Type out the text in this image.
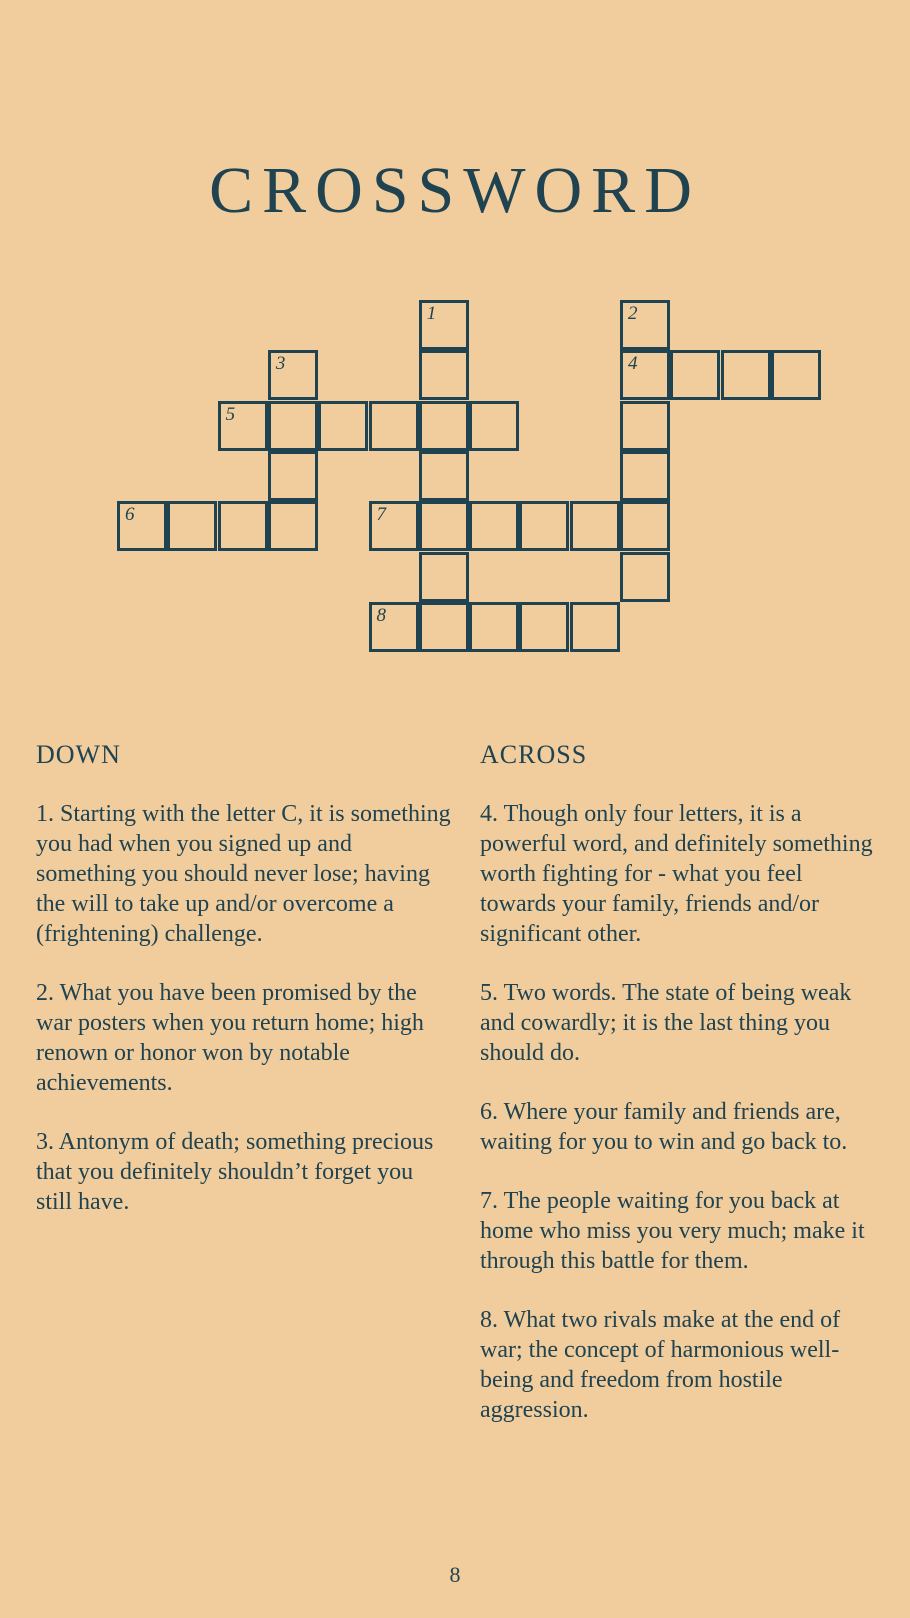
CROSSWORD
1	2
4
3
5
6	7
8
DOWN

1. Starting with the letter C, it is something you had when you signed up and something you should never lose; having the will to take up and/or overcome a (frightening) challenge.

2. What you have been promised by the war posters when you return home; high renown or honor won by notable achievements.

3. Antonym of death; something precious that you definitely shouldn’t forget you still have.

ACROSS

4. Though only four letters, it is a powerful word, and definitely something worth fighting for - what you feel towards your family, friends and/or significant other.

5. Two words. The state of being weak and cowardly; it is the last thing you should do.

6. Where your family and friends are, waiting for you to win and go back to.

7. The people waiting for you back at home who miss you very much; make it through this battle for them.

8. What two rivals make at the end of war; the concept of harmonious well-being and freedom from hostile aggression.

8
